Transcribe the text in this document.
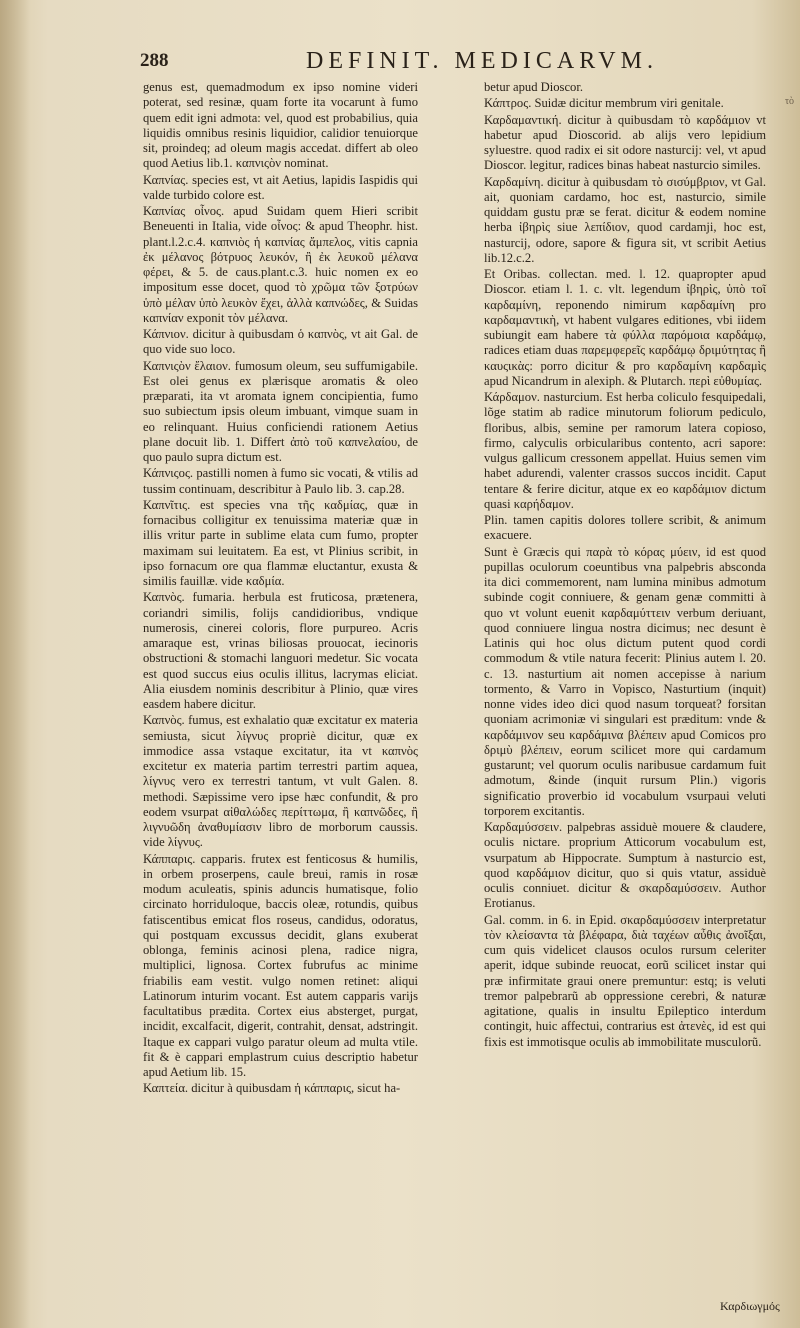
288	DEFINIT. MEDICARVM.

genus est, quemadmodum ex ipso nomine videri poterat, sed resinæ, quam forte ita vocarunt à fumo quem edit igni admota: vel, quod est probabilius, quia liquidis omnibus resinis liquidior, calidior tenuiorque sit, proindeq; ad oleum magis accedat. differt ab oleo quod Aetius lib.1. καπνιςὸν nominat.

Καπνίας. species est, vt ait Aetius, lapidis Iaspidis qui valde turbido colore est.

Καπνίας οἶνος. apud Suidam quem Hieri scribit Beneuenti in Italia, vide οἶνος: & apud Theophr. hist. plant.l.2.c.4. καπνιὸς ἡ καπνίας ἄμπελος, vitis capnia ἐκ μέλανος βότρυος λευκόν, ἢ ἐκ λευκοῦ μέλανα φέρει, & 5. de caus.plant.c.3. huic nomen ex eo impositum esse docet, quod τὸ χρῶμα τῶν ξοτρύων ὑπὸ μέλαν ὑπὸ λευκὸν ἔχει, ἀλλὰ καπνώδες, & Suidas καπνίαν exponit τὸν μέλανα.

Κάπνιον. dicitur à quibusdam ὁ καπνὸς, vt ait Gal. de quo vide suo loco.

Καπνιςὸν ἔλαιον. fumosum oleum, seu suffumigabile. Est olei genus ex plærisque aromatis & oleo præparati, ita vt aromata ignem concipientia, fumo suo subiectum ipsis oleum imbuant, vimque suam in eo relinquant. Huius conficiendi rationem Aetius plane docuit lib. 1. Differt ἀπὸ τοῦ καπνελαίου, de quo paulo supra dictum est.

Κάπνιςος. pastilli nomen à fumo sic vocati, & vtilis ad tussim continuam, describitur à Paulo lib. 3. cap.28.

Καπνῖτις. est species vna τῆς καδμίας, quæ in fornacibus colligitur ex tenuissima materiæ quæ in illis vritur parte in sublime elata cum fumo, propter maximam sui leuitatem. Ea est, vt Plinius scribit, in ipso fornacum ore qua flammæ eluctantur, exusta & similis fauillæ. vide καδμία.

Καπνὸς. fumaria. herbula est fruticosa, prætenera, coriandri similis, folijs candidioribus, vndique numerosis, cinerei coloris, flore purpureo. Acris amaraque est, vrinas biliosas prouocat, iecinoris obstructioni & stomachi languori medetur. Sic vocata est quod succus eius oculis illitus, lacrymas eliciat. Alia eiusdem nominis describitur à Plinio, quæ vires easdem habere dicitur.

Καπνὸς. fumus, est exhalatio quæ excitatur ex materia semiusta, sicut λίγνυς propriè dicitur, quæ ex immodice assa vstaque excitatur, ita vt καπνὸς excitetur ex materia partim terrestri partim aquea, λίγνυς vero ex terrestri tantum, vt vult Galen. 8. methodi. Sæpissime vero ipse hæc confundit, & pro eodem vsurpat αἰθαλώδες περίττωμα, ἢ καπνῶδες, ἢ λιγνυῶδη ἀναθυμίασιν libro de morborum caussis. vide λίγνυς.

Κάππαρις. capparis. frutex est fenticosus & humilis, in orbem proserpens, caule breui, ramis in rosæ modum aculeatis, spinis aduncis humatisque, folio circinato horriduloque, baccis oleæ, rotundis, quibus fatiscentibus emicat flos roseus, candidus, odoratus, qui postquam excussus decidit, glans exuberat oblonga, feminis acinosi plena, radice nigra, multiplici, lignosa. Cortex fubrufus ac minime friabilis eam vestit. vulgo nomen retinet: aliqui Latinorum inturim vocant. Est autem capparis varijs facultatibus prædita. Cortex eius absterget, purgat, incidit, excalfacit, digerit, contrahit, densat, adstringit. Itaque ex cappari vulgo paratur oleum ad multa vtile. fit & è cappari emplastrum cuius descriptio habetur apud Aetium lib. 15.

Καπτεία. dicitur à quibusdam ἡ κάππαρις, sicut ha-

betur apud Dioscor.

Κάπτρος. Suidæ dicitur membrum viri genitale.

Καρδαμαντική. dicitur à quibusdam τὸ καρδάμιον vt habetur apud Dioscorid. ab alijs vero lepidium syluestre. quod radix ei sit odore nasturcij: vel, vt apud Dioscor. legitur, radices binas habeat nasturcio similes.

Καρδαμίνη. dicitur à quibusdam τὸ σισύμβριον, vt Gal. ait, quoniam cardamo, hoc est, nasturcio, simile quiddam gustu præ se ferat. dicitur & eodem nomine herba ἰβηρὶς siue λεπίδιον, quod cardamji, hoc est, nasturcij, odore, sapore & figura sit, vt scribit Aetius lib.12.c.2.

Et Oribas. collectan. med. l. 12. quapropter apud Dioscor. etiam l. 1. c. vlt. legendum ἰβηρὶς, ὑπὸ τοῖ καρδαμίνη, reponendo nimirum καρδαμίνη pro καρδαμαντικὴ, vt habent vulgares editiones, vbi iidem subiungit eam habere τὰ φύλλα παρόμοια καρδάμῳ, radices etiam duas παρεμφερεῖς καρδάμῳ δριμύτητας ἢ καυςικὰς: porro dicitur & pro καρδαμίνη καρδαμὶς apud Nicandrum in alexiph. & Plutarch. περὶ εὐθυμίας.

Κάρδαμον. nasturcium. Est herba coliculo fesquipedali, lõge statim ab radice minutorum foliorum pediculo, floribus, albis, semine per ramorum latera copioso, firmo, calyculis orbicularibus contento, acri sapore: vulgus gallicum cressonem appellat. Huius semen vim habet adurendi, valenter crassos succos incidit. Caput tentare & ferire dicitur, atque ex eo καρδάμιον dictum quasi καρήδαμον.

Plin. tamen capitis dolores tollere scribit, & animum exacuere.

Sunt è Græcis qui παρὰ τὸ κόρας μύειν, id est quod pupillas oculorum coeuntibus vna palpebris absconda ita dici commemorent, nam lumina minibus admotum subinde cogit conniuere, & genam genæ committi à quo vt volunt euenit καρδαμύττειν verbum deriuant, quod conniuere lingua nostra dicimus; nec desunt è Latinis qui hoc olus dictum putent quod cordi commodum & vtile natura fecerit: Plinius autem l. 20. c. 13. nasturtium ait nomen accepisse à narium tormento, & Varro in Vopisco, Nasturtium (inquit) nonne vides ideo dici quod nasum torqueat? forsitan quoniam acrimoniæ vi singulari est præditum: vnde & καρδάμινον seu καρδάμινα βλέπειν apud Comicos pro δριμὺ βλέπειν, eorum scilicet more qui cardamum gustarunt; vel quorum oculis naribusue cardamum fuit admotum, &inde (inquit rursum Plin.) vigoris significatio proverbio id vocabulum vsurpaui veluti torporem excitantis.

Καρδαμύσσειν. palpebras assiduè mouere & claudere, oculis nictare. proprium Atticorum vocabulum est, vsurpatum ab Hippocrate. Sumptum à nasturcio est, quod καρδάμιον dicitur, quo si quis vtatur, assiduè oculis conniuet. dicitur & σκαρδαμύσσειν. Author Erotianus.

Gal. comm. in 6. in Epid. σκαρδαμύσσειν interpretatur τὸν κλείσαντα τὰ βλέφαρα, διὰ ταχέων αὖθις ἀνοῖξαι, cum quis videlicet clausos oculos rursum celeriter aperit, idque subinde reuocat, eorũ scilicet instar qui præ infirmitate graui onere premuntur: estq; is veluti tremor palpebrarũ ab oppressione cerebri, & naturæ agitatione, qualis in insultu Epileptico interdum contingit, huic affectui, contrarius est ἀτενὲς, id est qui fixis est immotisque oculis ab immobilitate musculorũ.

τὸ
Καρδιωγμός
